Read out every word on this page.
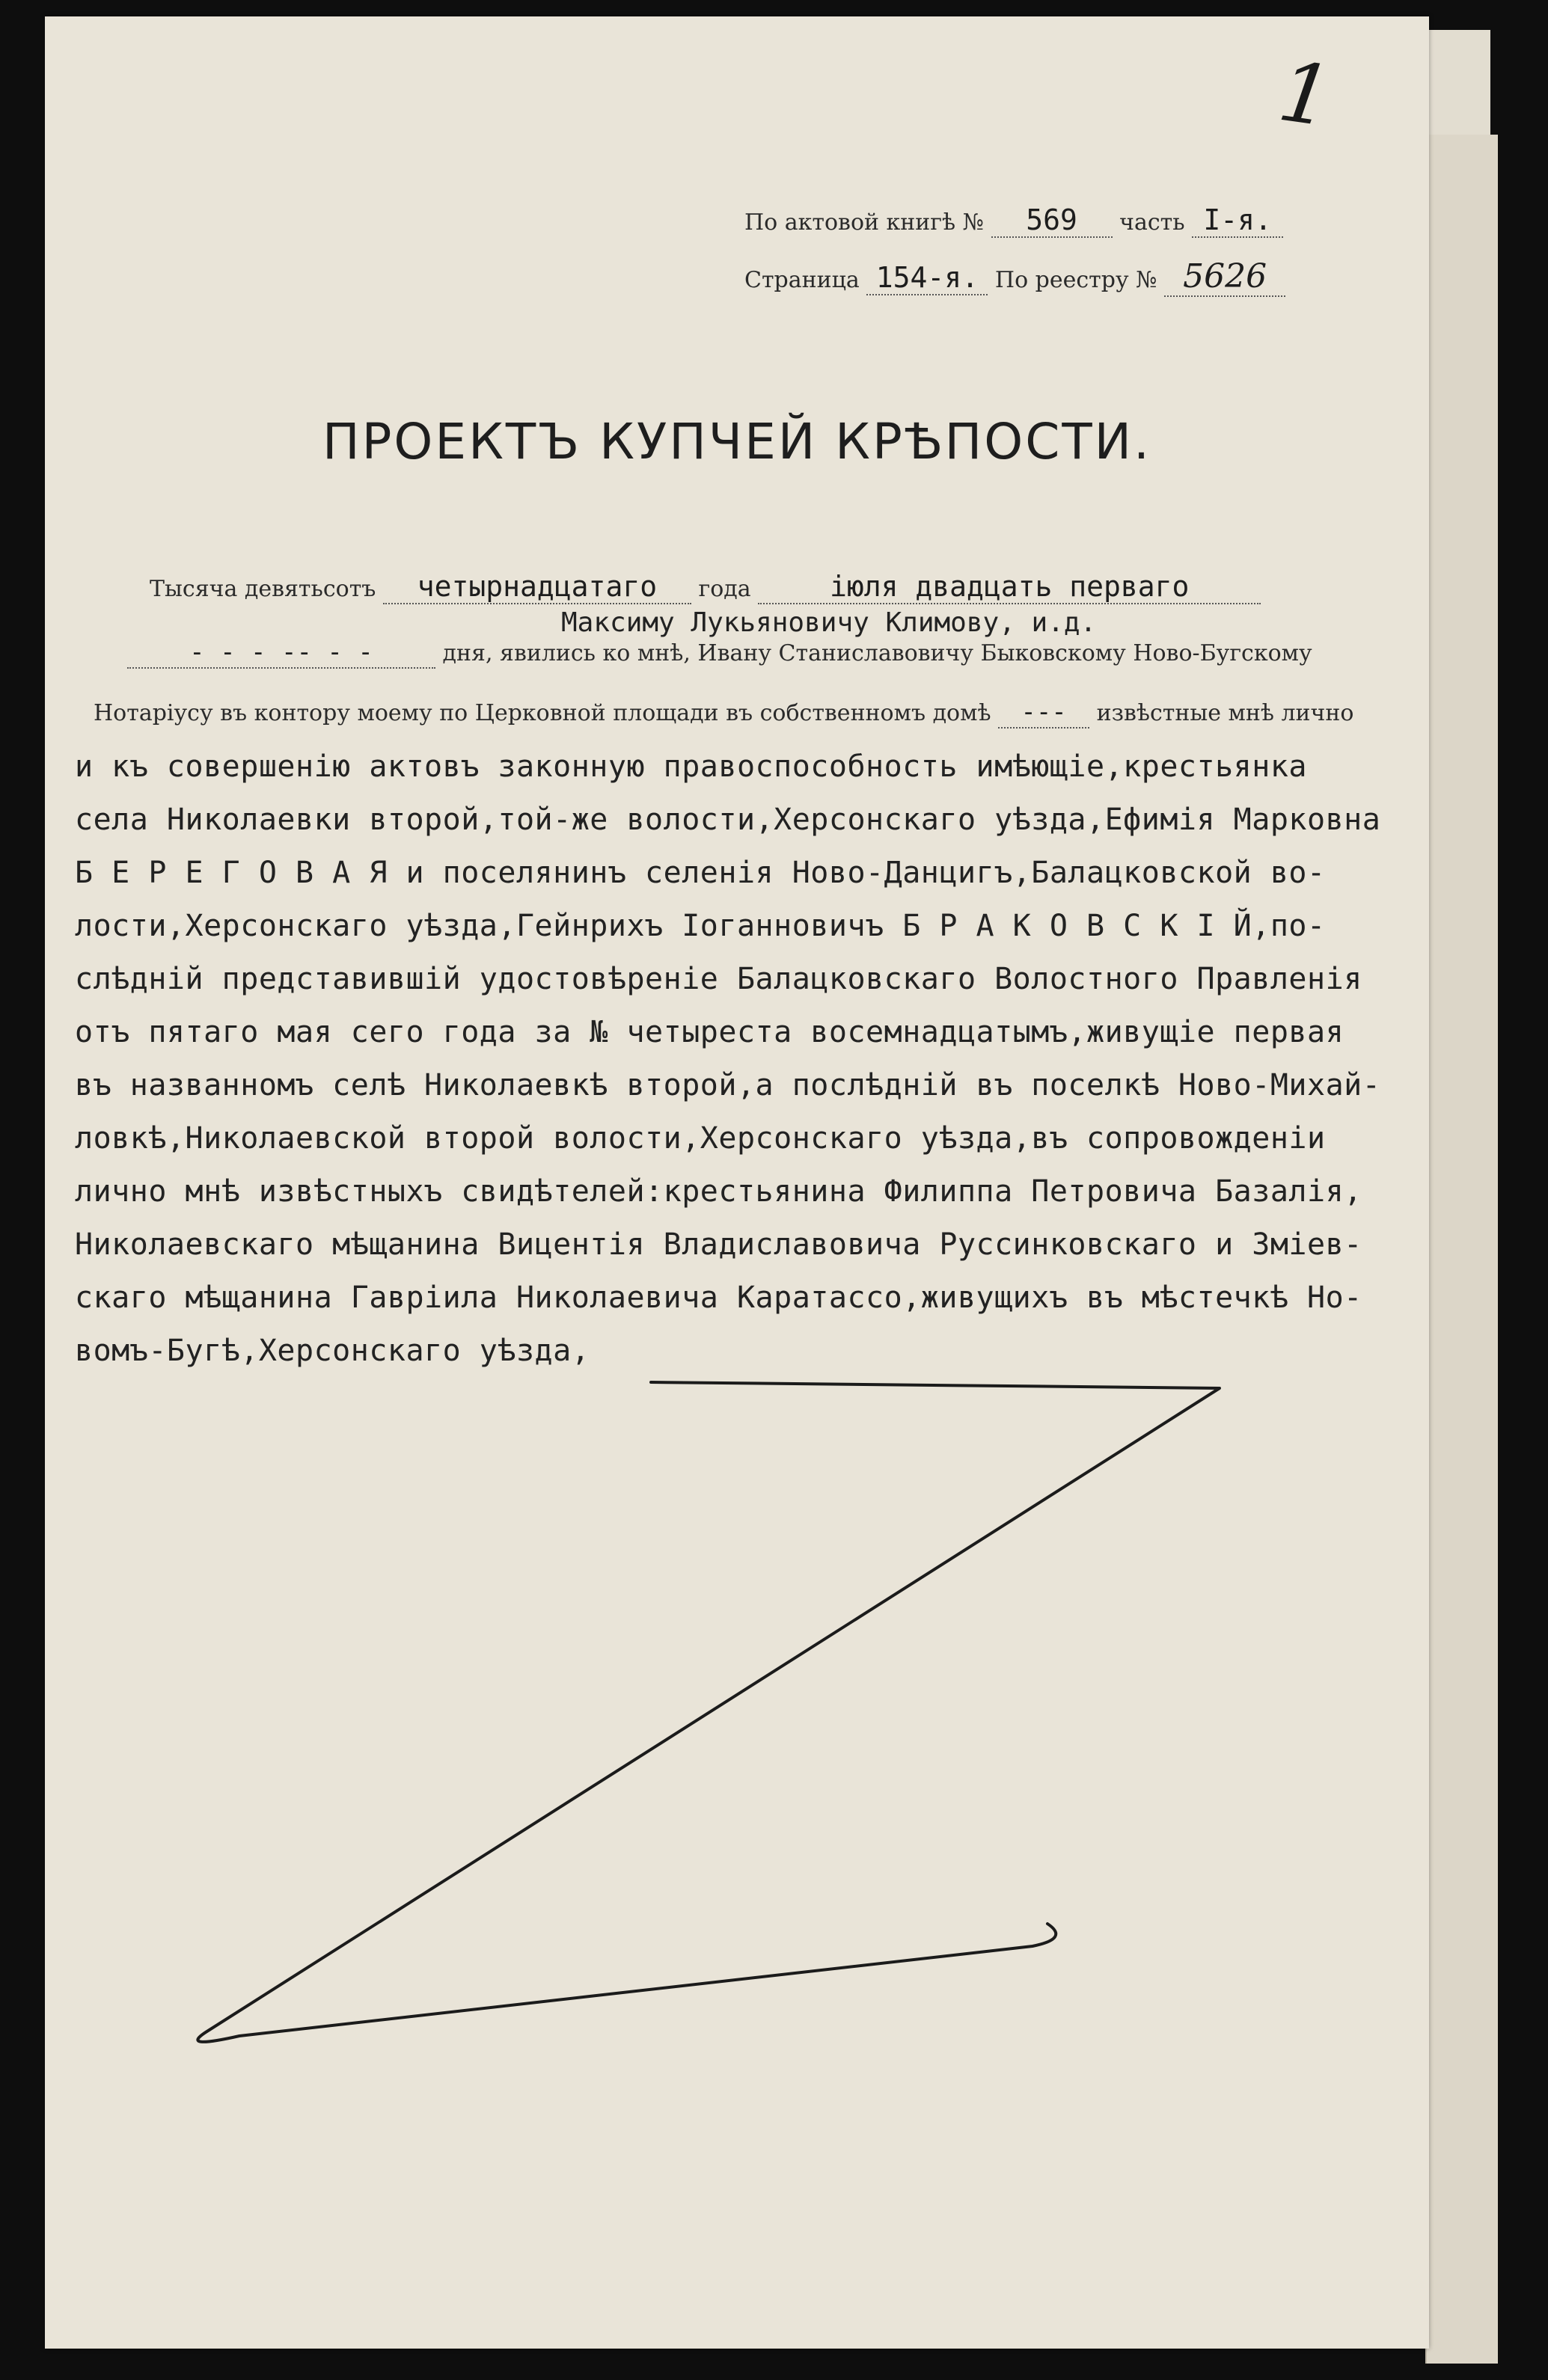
1
По актовой книгѣ № 569 часть I-я.
Страница 154-я. По реестру № 5626
ПРОЕКТЪ КУПЧЕЙ КРѢПОСТИ.
Тысяча девятьсотъ четырнадцатаго года	iюля двадцать перваго
Максиму Лукьяновичу Климову, и.д.
- - - -- - -	дня, явились ко мнѣ, Ивану Станиславовичу Быковскому Ново-Бугскому
Нотаріусу въ контору моему по Церковной площади въ собственномъ домѣ --- извѣстные мнѣ лично
и къ совершенію актовъ законную правоспособность имѣющіе,крестьянка
села Николаевки второй,той-же волости,Херсонскаго уѣзда,Ефимія Марковна
Б Е Р Е Г О В А Я и поселянинъ селенія Ново-Данцигъ,Балацковской во-
лости,Херсонскаго уѣзда,Гейнрихъ Іоганновичъ Б Р А К О В С К І Й,по-
слѣдній представившій удостовѣреніе Балацковскаго Волостного Правленія
отъ пятаго мая сего года за № четыреста восемнадцатымъ,живущіе первая
въ названномъ селѣ Николаевкѣ второй,а послѣдній въ поселкѣ Ново-Михай-
ловкѣ,Николаевской второй волости,Херсонскаго уѣзда,въ сопровожденіи
лично мнѣ извѣстныхъ свидѣтелей:крестьянина Филиппа Петровича Базалія,
Николаевскаго мѣщанина Вицентія Владиславовича Руссинковскаго и Зміев-
скаго мѣщанина Гавріила Николаевича Каратассо,живущихъ въ мѣстечкѣ Но-
вомъ-Бугѣ,Херсонскаго уѣзда,
